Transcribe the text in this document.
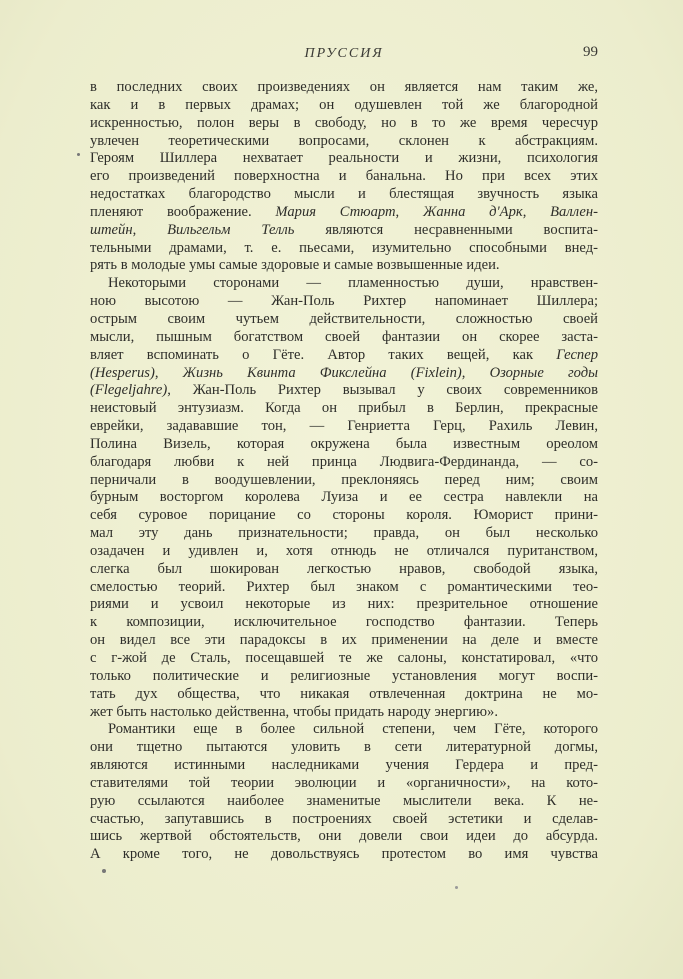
ПРУССИЯ	99
в последних своих произведениях он является нам таким же,
как и в первых драмах; он одушевлен той же благородной
искренностью, полон веры в свободу, но в то же время чересчур
увлечен теоретическими вопросами, склонен к абстракциям.
Героям Шиллера нехватает реальности и жизни, психология
его произведений поверхностна и банальна. Но при всех этих
недостатках благородство мысли и блестящая звучность языка
пленяют воображение. Мария Стюарт, Жанна д'Арк, Валлен-
штейн, Вильгельм Телль являются несравненными воспита-
тельными драмами, т. е. пьесами, изумительно способными внед-
рять в молодые умы самые здоровые и самые возвышенные идеи.
Некоторыми сторонами — пламенностью души, нравствен-
ною высотою — Жан-Поль Рихтер напоминает Шиллера;
острым своим чутьем действительности, сложностью своей
мысли, пышным богатством своей фантазии он скорее заста-
вляет вспоминать о Гёте. Автор таких вещей, как Геспер
(Hesperus), Жизнь Квинта Фикслейна (Fixlein), Озорные годы
(Flegeljahre), Жан-Поль Рихтер вызывал у своих современников
неистовый энтузиазм. Когда он прибыл в Берлин, прекрасные
еврейки, задававшие тон, — Генриетта Герц, Рахиль Левин,
Полина Визель, которая окружена была известным ореолом
благодаря любви к ней принца Людвига-Фердинанда, — со-
перничали в воодушевлении, преклоняясь перед ним; своим
бурным восторгом королева Луиза и ее сестра навлекли на
себя суровое порицание со стороны короля. Юморист прини-
мал эту дань признательности; правда, он был несколько
озадачен и удивлен и, хотя отнюдь не отличался пуританством,
слегка был шокирован легкостью нравов, свободой языка,
смелостью теорий. Рихтер был знаком с романтическими тео-
риями и усвоил некоторые из них: презрительное отношение
к композиции, исключительное господство фантазии. Теперь
он видел все эти парадоксы в их применении на деле и вместе
с г-жой де Сталь, посещавшей те же салоны, констатировал, «что
только политические и религиозные установления могут воспи-
тать дух общества, что никакая отвлеченная доктрина не мо-
жет быть настолько действенна, чтобы придать народу энергию».
Романтики еще в более сильной степени, чем Гёте, которого
они тщетно пытаются уловить в сети литературной догмы,
являются истинными наследниками учения Гердера и пред-
ставителями той теории эволюции и «органичности», на кото-
рую ссылаются наиболее знаменитые мыслители века. К не-
счастью, запутавшись в построениях своей эстетики и сделав-
шись жертвой обстоятельств, они довели свои идеи до абсурда.
А кроме того, не довольствуясь протестом во имя чувства
